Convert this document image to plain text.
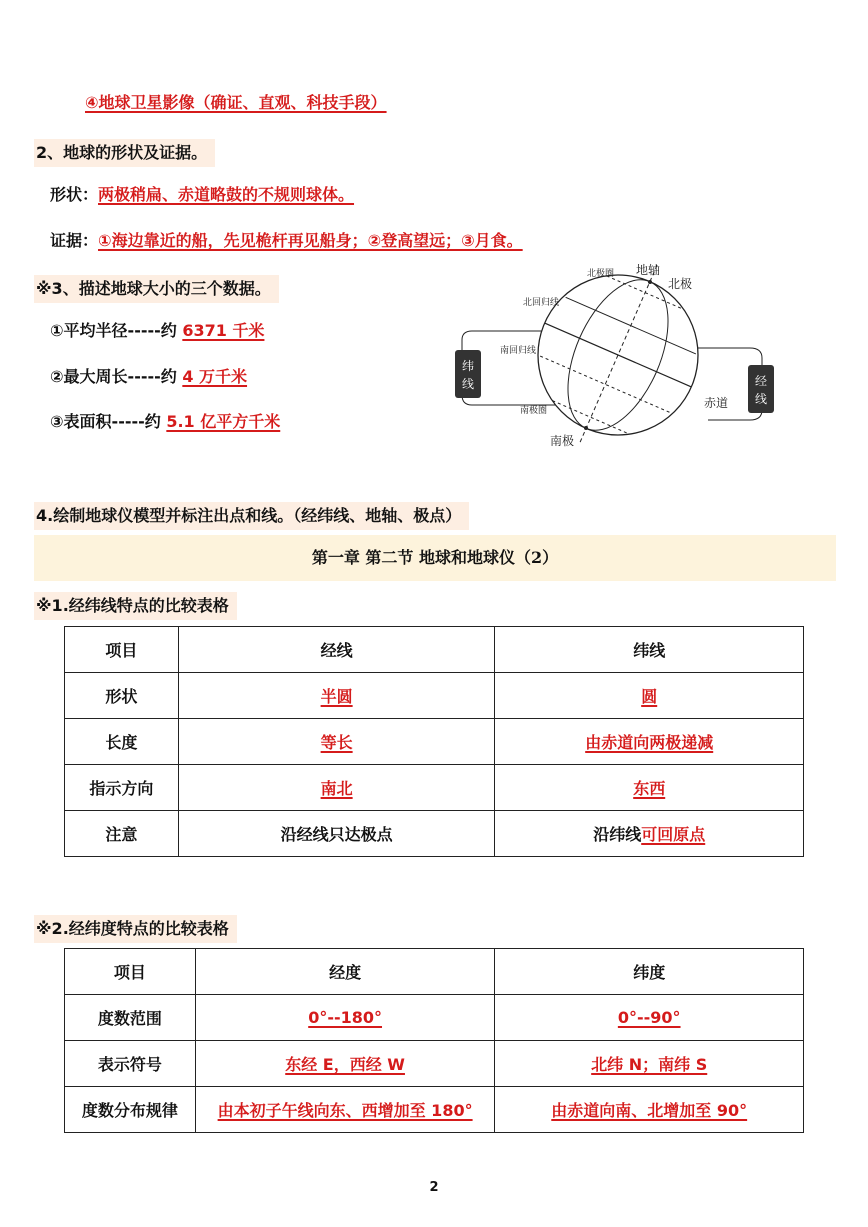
④地球卫星影像（确证、直观、科技手段）
2、地球的形状及证据。
形状：两极稍扁、赤道略鼓的不规则球体。
证据：①海边靠近的船，先见桅杆再见船身；②登高望远；③月食。
※3、描述地球大小的三个数据。
①平均半径-----约 6371 千米
②最大周长-----约 4 万千米
③表面积-----约 5.1 亿平方千米
纬
线	经
线
北极圈 地轴
北极
北回归线
南回归线
南极圈
南极
赤道
4.绘制地球仪模型并标注出点和线。（经纬线、地轴、极点）
第一章 第二节 地球和地球仪（2）
※1.经纬线特点的比较表格
项目	经线	纬线
形状	半圆	圆
长度	等长	由赤道向两极递减
指示方向	南北	东西
注意	沿经线只达极点	沿纬线可回原点
※2.经纬度特点的比较表格
项目	经度	纬度
度数范围	0°--180°	0°--90°
表示符号	东经 E，西经 W	北纬 N；南纬 S
度数分布规律	由本初子午线向东、西增加至 180°	由赤道向南、北增加至 90°
2
